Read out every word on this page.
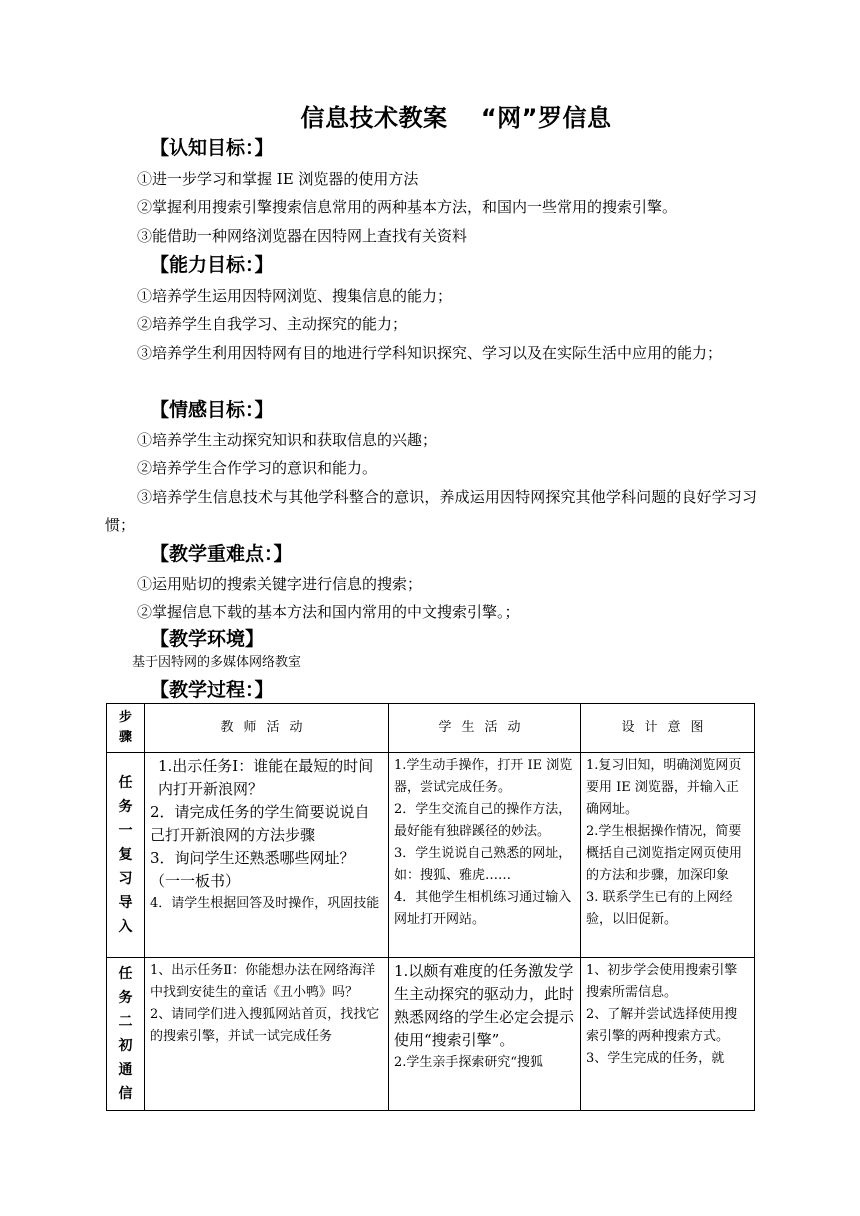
信息技术教案　 “网”罗信息
【认知目标：】
①进一步学习和掌握 IE 浏览器的使用方法
②掌握利用搜索引擎搜索信息常用的两种基本方法，和国内一些常用的搜索引擎。
③能借助一种网络浏览器在因特网上查找有关资料
【能力目标：】
①培养学生运用因特网浏览、搜集信息的能力；
②培养学生自我学习、主动探究的能力；
③培养学生利用因特网有目的地进行学科知识探究、学习以及在实际生活中应用的能力；
【情感目标：】
①培养学生主动探究知识和获取信息的兴趣；
②培养学生合作学习的意识和能力。
③培养学生信息技术与其他学科整合的意识，养成运用因特网探究其他学科问题的良好学习习惯；
【教学重难点：】
①运用贴切的搜索关键字进行信息的搜索；
②掌握信息下载的基本方法和国内常用的中文搜索引擎。；
【教学环境】
基于因特网的多媒体网络教室
【教学过程：】
步骤	教师活动	学生活动	设计意图

任务一复习导入	1.出示任务Ⅰ：谁能在最短的时间内打开新浪网？
2．请完成任务的学生简要说说自己打开新浪网的方法步骤
3．询问学生还熟悉哪些网址？（一一板书）
4．请学生根据回答及时操作，巩固技能	1.学生动手操作，打开 IE 浏览器，尝试完成任务。
2．学生交流自己的操作方法，最好能有独辟蹊径的妙法。
3．学生说说自己熟悉的网址，如：搜狐、雅虎……
4．其他学生相机练习通过输入网址打开网站。	1.复习旧知，明确浏览网页要用 IE 浏览器，并输入正确网址。
2.学生根据操作情况，简要概括自己浏览指定网页使用的方法和步骤，加深印象
3. 联系学生已有的上网经验，以旧促新。

任务二初通信	1、出示任务Ⅱ：你能想办法在网络海洋中找到安徒生的童话《丑小鸭》吗？
2、请同学们进入搜狐网站首页，找找它的搜索引擎，并试一试完成任务	1.以颇有难度的任务激发学生主动探究的驱动力，此时熟悉网络的学生必定会提示使用“搜索引擎”。
2.学生亲手探索研究“搜狐	1、初步学会使用搜索引擎搜索所需信息。
2、了解并尝试选择使用搜索引擎的两种搜索方式。
3、学生完成的任务，就
